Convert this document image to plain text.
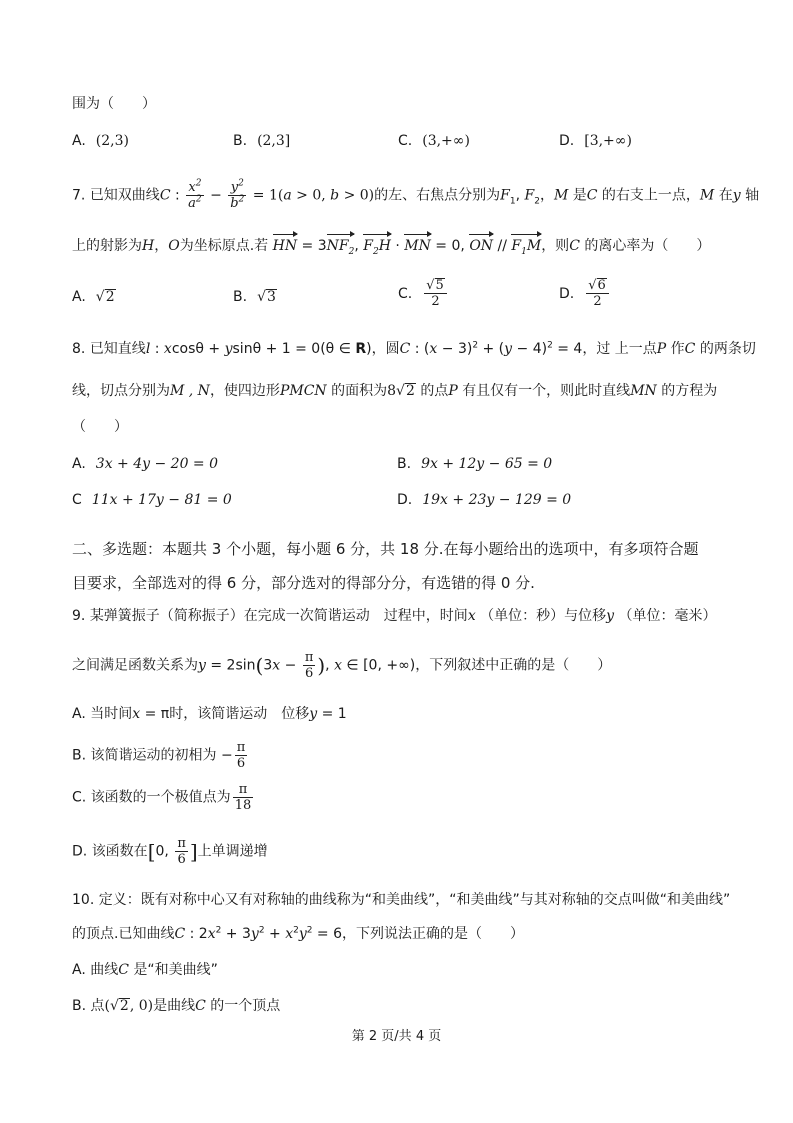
围为（　　）
A. (2,3)	B. (2,3]	C. (3,+∞)	D. [3,+∞)
7. 已知双曲线C : $\frac{x^2}{a^2} - \frac{y^2}{b^2} = 1(a > 0$, b > 0)的左、右焦点分别为$F_1$, $F_2$，M 是C 的右支上一点，M 在y 轴
上的射影为H，O为坐标原点.若 HN = $3NF_2$, $F_2H$ · MN = 0, ON // $F_1M$，则C 的离心率为（　　）
A. √2	B. √3	C. $\frac{√5}{2}$	D. $\frac{√6}{2}$
8. 已知直线l : xcosθ + ysinθ + 1 = 0(θ ∈ R)，圆C : $(x - 3)^2 + (y - 4)^2 = 4$，过 上一点P 作C 的两条切
线，切点分别为M , N，使四边形PMCN 的面积为8√2 的点P 有且仅有一个，则此时直线MN 的方程为
（　　）
A. 3x + 4y − 20 = 0	B. 9x + 12y − 65 = 0
C 11x + 17y − 81 = 0	D. 19x + 23y − 129 = 0
二、多选题：本题共 3 个小题，每小题 6 分，共 18 分.在每小题给出的选项中，有多项符合题
目要求，全部选对的得 6 分，部分选对的得部分分，有选错的得 0 分.
9. 某弹簧振子（简称振子）在完成一次简谐运动　过程中，时间x （单位：秒）与位移y （单位：毫米）
之间满足函数关系为$y = 2\sin(3x - \frac{\pi}{6}$ ), x ∈ [0, +∞)，下列叙述中正确的是（　　）
A. 当时间x = π时，该简谐运动　位移y = 1
B. 该简谐运动的初相为 − $\frac{\pi}{6}$
C. 该函数的一个极值点为 $\frac{\pi}{18}$
D. 该函数在[0, $\frac{\pi}{6}$ ]上单调递增
10. 定义：既有对称中心又有对称轴的曲线称为“和美曲线”，“和美曲线”与其对称轴的交点叫做“和美曲线”
的顶点.已知曲线C : $2x^2 + 3y^2 + x^2y^2 = 6$，下列说法正确的是（　　）
A. 曲线C 是“和美曲线”
B. 点(√2, 0)是曲线C 的一个顶点
第 2 页/共 4 页
